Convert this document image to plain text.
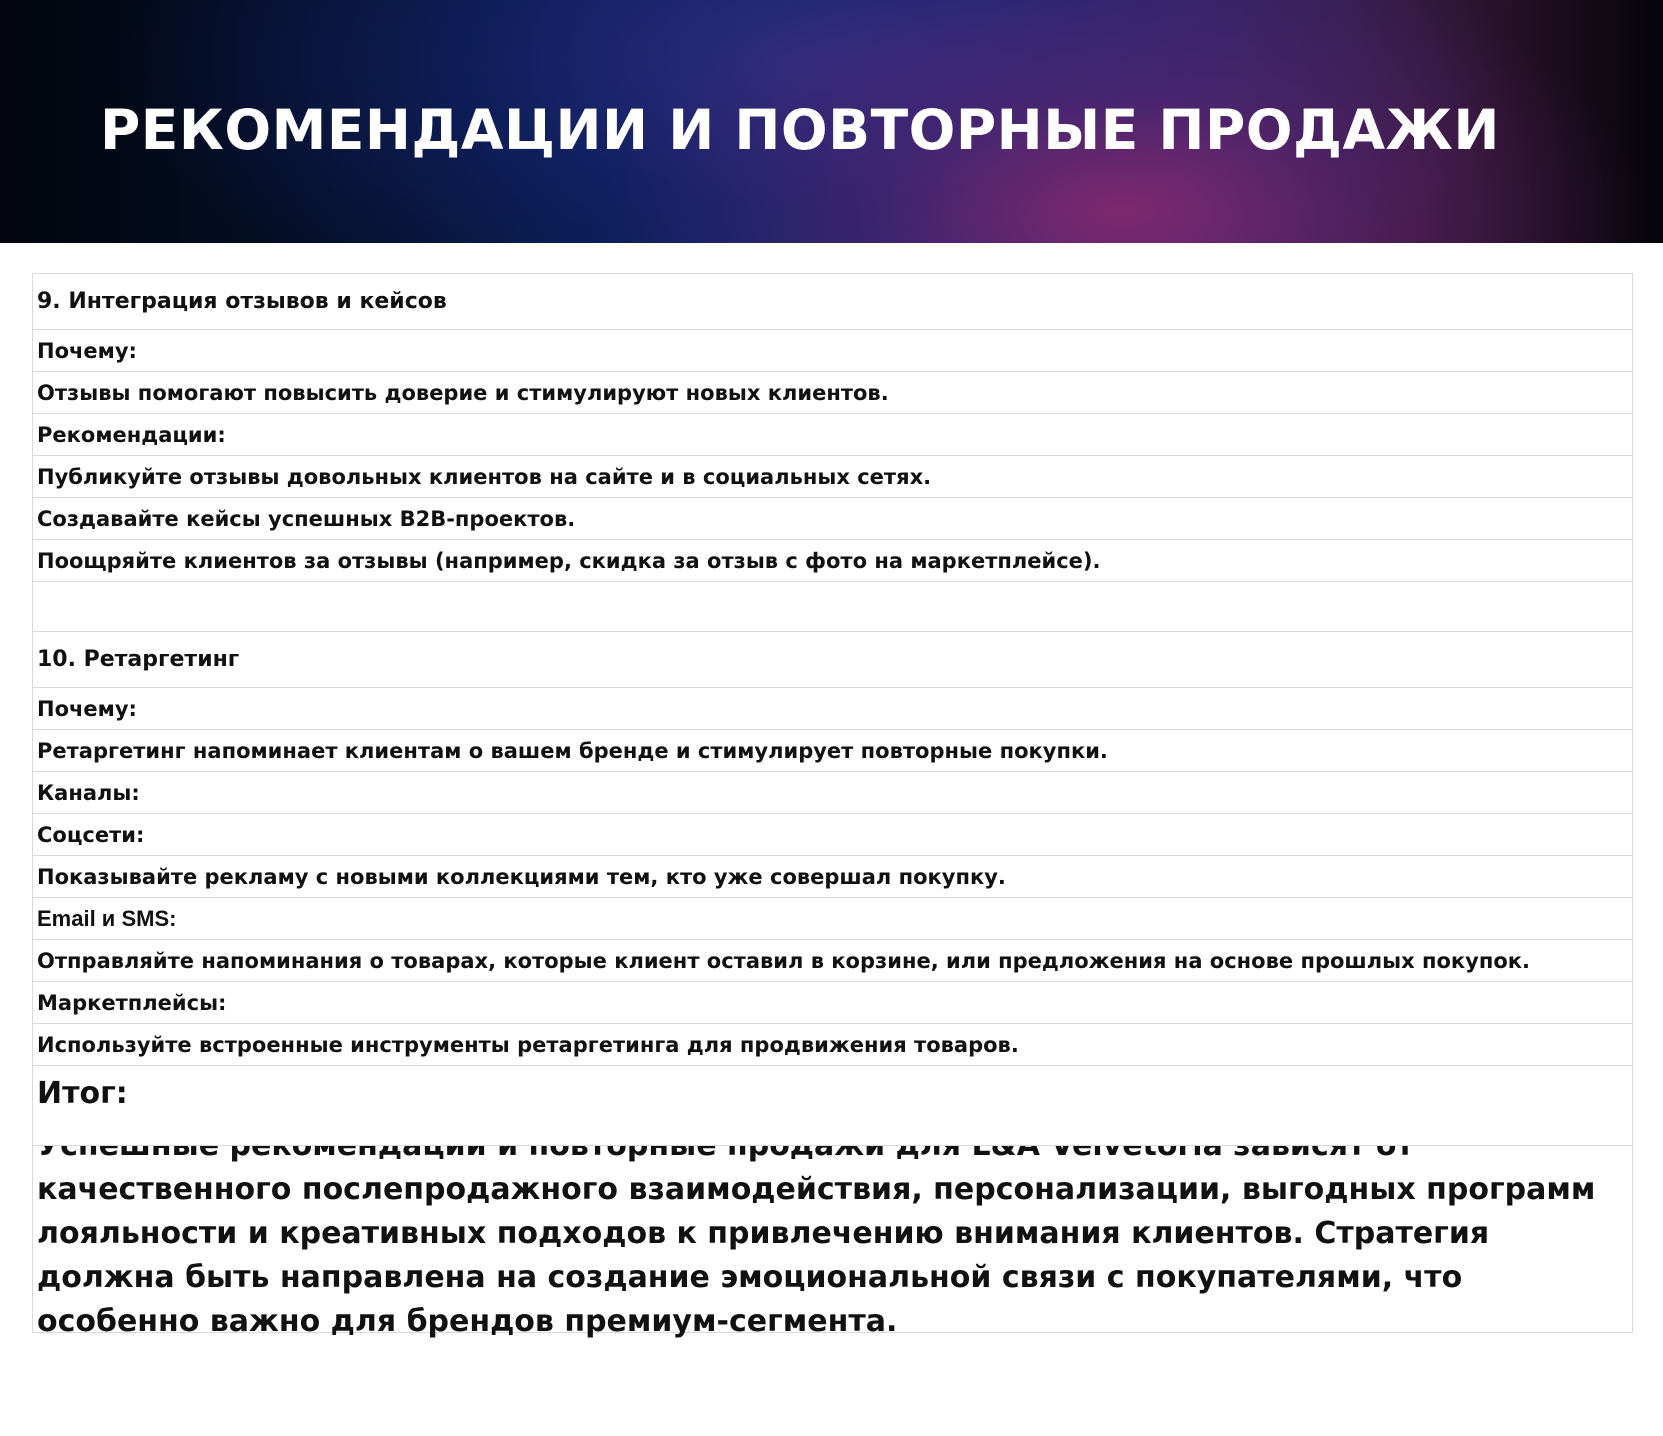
РЕКОМЕНДАЦИИ И ПОВТОРНЫЕ ПРОДАЖИ
9. Интеграция отзывов и кейсов
Почему:
Отзывы помогают повысить доверие и стимулируют новых клиентов.
Рекомендации:
Публикуйте отзывы довольных клиентов на сайте и в социальных сетях.
Создавайте кейсы успешных B2B-проектов.
Поощряйте клиентов за отзывы (например, скидка за отзыв с фото на маркетплейсе).
10. Ретаргетинг
Почему:
Ретаргетинг напоминает клиентам о вашем бренде и стимулирует повторные покупки.
Каналы:
Соцсети:
Показывайте рекламу с новыми коллекциями тем, кто уже совершал покупку.
Email и SMS:
Отправляйте напоминания о товарах, которые клиент оставил в корзине, или предложения на основе прошлых покупок.
Маркетплейсы:
Используйте встроенные инструменты ретаргетинга для продвижения товаров.
Итог:
качественного послепродажного взаимодействия, персонализации, выгодных программ лояльности и креативных подходов к привлечению внимания клиентов. Стратегия должна быть направлена на создание эмоциональной связи с покупателями, что особенно важно для брендов премиум-сегмента.
